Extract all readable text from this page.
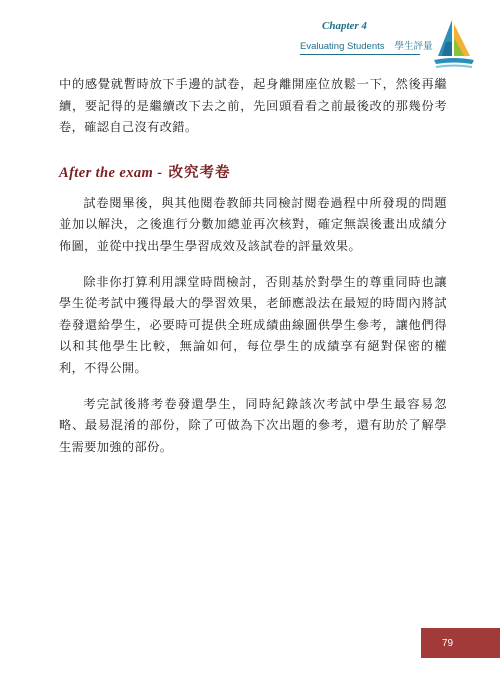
Chapter 4
Evaluating Students 學生評量

中的感覺就暫時放下手邊的試卷，起身離開座位放鬆一下，然後再繼續，要記得的是繼續改下去之前，先回頭看看之前最後改的那幾份考卷，確認自己沒有改錯。

After the exam - 改究考卷

試卷閱畢後，與其他閱卷教師共同檢討閱卷過程中所發現的問題並加以解決，之後進行分數加總並再次核對，確定無誤後畫出成績分佈圖，並從中找出學生學習成效及該試卷的評量效果。

除非你打算利用課堂時間檢討，否則基於對學生的尊重同時也讓學生從考試中獲得最大的學習效果，老師應設法在最短的時間內將試卷發還給學生，必要時可提供全班成績曲線圖供學生參考，讓他們得以和其他學生比較，無論如何，每位學生的成績享有絕對保密的權利，不得公開。

考完試後將考卷發還學生，同時紀錄該次考試中學生最容易忽略、最易混淆的部份，除了可做為下次出題的參考，還有助於了解學生需要加強的部份。

79
